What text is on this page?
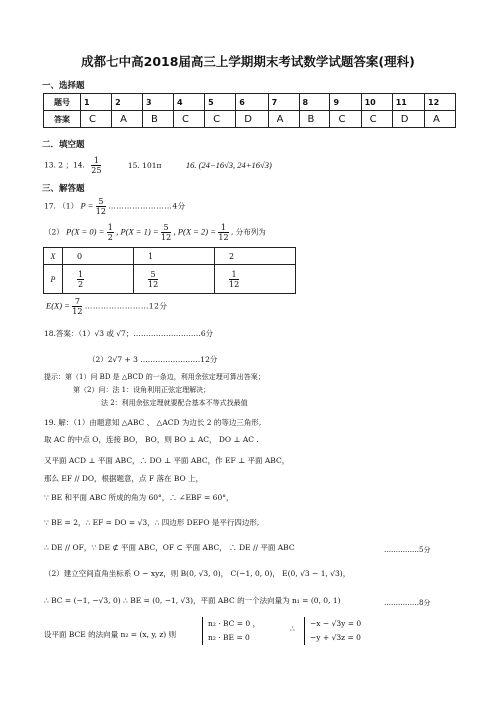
成都七中高2018届高三上学期期末考试数学试题答案(理科)
一、选择题
题号	1	2	3	4	5	6	7	8	9	10	11	12
答案	C	A	B	C	C	D	A	B	C	C	D	A
二．填空题
13. 2 ；14. $\frac{1}{25}$	15. 101π	16. (24−16√3, 24+16√3)
三、解答题
17. （1） $P = \frac{5}{12}$ ……………………4分
（2） $P(X = 0) = \frac{1}{2}$ , $P(X = 1) = \frac{5}{12}$ , $P(X = 2) = \frac{1}{12}$ , 分布列为
X	0	1	2
P	$\frac{1}{2}$	$\frac{5}{12}$	$\frac{1}{12}$
$E(X) = \frac{7}{12}$ ……………………12分
18.答案：（1）√3 或 √7；………………………6分
（2）2√7 + 3 ……………………12分
提示：第（1）问 BD 是 △BCD 的一条边，利用余弦定理可算出答案；
第（2）问：法 1：设角利用正弦定理解决；
法 2：利用余弦定理就要配合基本不等式找最值
19. 解：（1）由题意知 △ABC 、 △ACD 为边长 2 的等边三角形,
取 AC 的中点 O，连接 BO， BO，则 BO ⊥ AC， DO ⊥ AC .
又平面 ACD ⊥ 平面 ABC，∴ DO ⊥ 平面 ABC，作 EF ⊥ 平面 ABC，
那么 EF // DO，根据题意，点 F 落在 BO 上，
∵ BE 和平面 ABC 所成的角为 60°，∴ ∠EBF = 60°，
∵ BE = 2，∴ EF = DO = √3，∴ 四边形 DEFO 是平行四边形,
∴ DE // OF，∵ DE ⊄ 平面 ABC，OF ⊂ 平面 ABC， ∴ DE // 平面 ABC	……………5分
（2）建立空间直角坐标系 O − xyz，则 B(0, √3, 0)， C(−1, 0, 0)， E(0, √3 − 1, √3)，
∴ BC = (−1, −√3, 0) ∴ BE = (0, −1, √3)，平面 ABC 的一个法向量为 n₁ = (0, 0, 1)	……………8分
设平面 BCE 的法向量 n₂ = (x, y, z) 则
n₂ · BC = 0 ，
n₂ · BE = 0
∴
−x − √3y = 0
−y + √3z = 0
